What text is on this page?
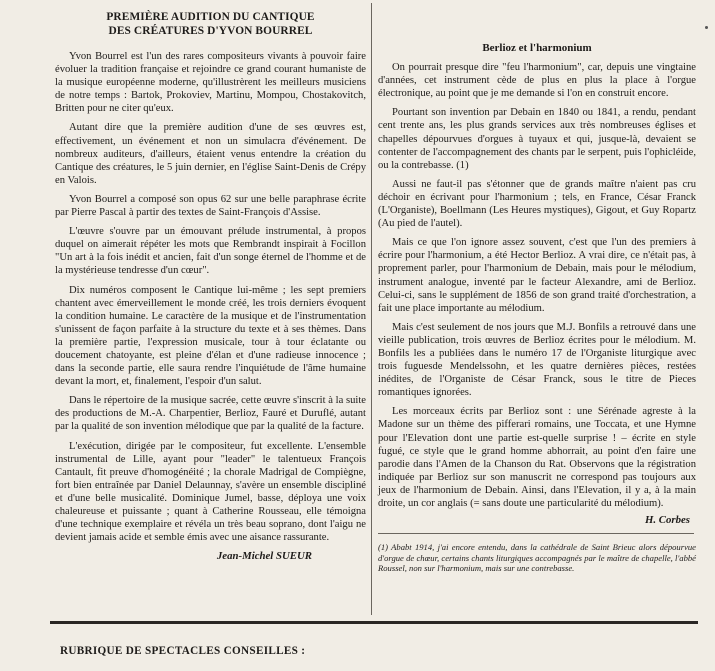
PREMIÈRE AUDITION DU CANTIQUE
DES CRÉATURES D'YVON BOURREL

Yvon Bourrel est l'un des rares compositeurs vivants à pouvoir faire évoluer la tradition française et rejoindre ce grand courant humaniste de la musique européenne moderne, qu'illustrèrent les meilleurs musiciens de notre temps : Bartok, Prokoviev, Martinu, Mompou, Chostakovitch, Britten pour ne citer qu'eux.

Autant dire que la première audition d'une de ses œuvres est, effectivement, un événement et non un simulacra d'événement. De nombreux auditeurs, d'ailleurs, étaient venus entendre la création du Cantique des créatures, le 5 juin dernier, en l'église Saint-Denis de Crépy en Valois.

Yvon Bourrel a composé son opus 62 sur une belle paraphrase écrite par Pierre Pascal à partir des textes de Saint-François d'Assise.

L'œuvre s'ouvre par un émouvant prélude instrumental, à propos duquel on aimerait répéter les mots que Rembrandt inspirait à Focillon "Un art à la fois inédit et ancien, fait d'un songe éternel de l'homme et de la mystérieuse tendresse d'un cœur".

Dix numéros composent le Cantique lui-même ; les sept premiers chantent avec émerveillement le monde créé, les trois derniers évoquent la condition humaine. Le caractère de la musique et de l'instrumentation s'unissent de façon parfaite à la structure du texte et à ses thèmes. Dans la première partie, l'expression musicale, tour à tour éclatante ou doucement chatoyante, est pleine d'élan et d'une radieuse innocence ; dans la seconde partie, elle saura rendre l'inquiétude de l'âme humaine devant la mort, et, finalement, l'espoir d'un salut.

Dans le répertoire de la musique sacrée, cette œuvre s'inscrit à la suite des productions de M.-A. Charpentier, Berlioz, Fauré et Duruflé, autant par la qualité de son invention mélodique que par la qualité de la facture.

L'exécution, dirigée par le compositeur, fut excellente. L'ensemble instrumental de Lille, ayant pour "leader" le talentueux François Cantault, fit preuve d'homogénéité ; la chorale Madrigal de Compiègne, fort bien entraînée par Daniel Delaunnay, s'avère un ensemble discipliné et d'une belle musicalité. Dominique Jumel, basse, déploya une voix chaleureuse et puissante ; quant à Catherine Rousseau, elle témoigna d'une technique exemplaire et révéla un très beau soprano, dont l'aigu ne devient jamais acide et semble émis avec une aisance rassurante.

Jean-Michel SUEUR
Berlioz et l'harmonium

On pourrait presque dire "feu l'harmonium", car, depuis une vingtaine d'années, cet instrument cède de plus en plus la place à l'orgue électronique, au point que je me demande si l'on en construit encore.

Pourtant son invention par Debain en 1840 ou 1841, a rendu, pendant cent trente ans, les plus grands services aux très nombreuses églises et chapelles dépourvues d'orgues à tuyaux et qui, jusque-là, devaient se contenter de l'accompagnement des chants par le serpent, puis l'ophicléide, ou la contrebasse. (1)

Aussi ne faut-il pas s'étonner que de grands maître n'aient pas cru déchoir en écrivant pour l'harmonium ; tels, en France, César Franck (L'Organiste), Boellmann (Les Heures mystiques), Gigout, et Guy Ropartz (Au pied de l'autel).

Mais ce que l'on ignore assez souvent, c'est que l'un des premiers à écrire pour l'harmonium, a été Hector Berlioz. A vrai dire, ce n'était pas, à proprement parler, pour l'harmonium de Debain, mais pour le mélodium, instrument analogue, inventé par le facteur Alexandre, ami de Berlioz. Celui-ci, sans le supplément de 1856 de son grand traité d'orchestration, a fait une place importante au mélodium.

Mais c'est seulement de nos jours que M.J. Bonfils a retrouvé dans une vieille publication, trois œuvres de Berlioz écrites pour le mélodium. M. Bonfils les a publiées dans le numéro 17 de l'Organiste liturgique avec trois fuguesde Mendelssohn, et les quatre dernières pièces, restées inédites, de l'Organiste de César Franck, sous le titre de Pieces romantiques ignorées.

Les morceaux écrits par Berlioz sont : une Sérénade agreste à la Madone sur un thème des pifferari romains, une Toccata, et une Hymne pour l'Elevation dont une partie est-quelle surprise ! – écrite en style fugué, ce style que le grand homme abhorrait, au point d'en faire une parodie dans l'Amen de la Chanson du Rat. Observons que la régistration indiquée par Berlioz sur son manuscrit ne correspond pas toujours aux jeux de l'harmonium de Debain. Ainsi, dans l'Elevation, il y a, à la main droite, un cor anglais (= sans doute une particularité du mélodium).

H. Corbes
(1) Ababt 1914, j'ai encore entendu, dans la cathédrale de Saint Brieuc alors dépourvue d'orgue de chœur, certains chants liturgiques accompagnés par le maître de chapelle, l'abbé Roussel, non sur l'harmonium, mais sur une contrebasse.
RUBRIQUE DE SPECTACLES CONSEILLES :
